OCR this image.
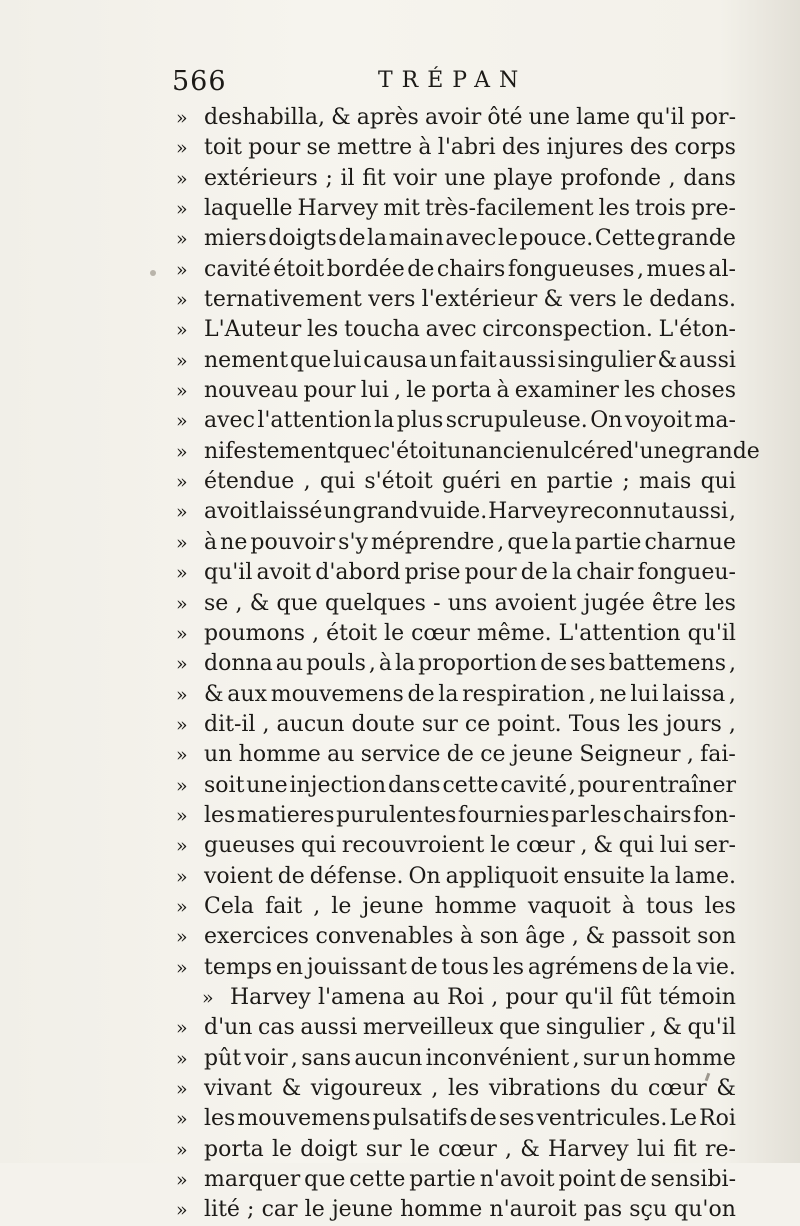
566	TRÉPAN
» deshabilla, & après avoir ôté une lame qu'il por-
» toit pour se mettre à l'abri des injures des corps
» extérieurs ; il fit voir une playe profonde , dans
» laquelle Harvey mit très-facilement les trois pre-
» miers doigts de la main avec le pouce. Cette grande
» cavité étoit bordée de chairs fongueuses , mues al-
» ternativement vers l'extérieur & vers le dedans.
» L'Auteur les toucha avec circonspection. L'éton-
» nement que lui causa un fait aussi singulier & aussi
» nouveau pour lui , le porta à examiner les choses
» avec l'attention la plus scrupuleuse. On voyoit ma-
» nifestement que c'étoit un ancien ulcére d'une grande
» étendue , qui s'étoit guéri en partie ; mais qui
» avoit laissé un grand vuide. Harvey reconnut aussi ,
» à ne pouvoir s'y méprendre , que la partie charnue
» qu'il avoit d'abord prise pour de la chair fongueu-
» se , & que quelques - uns avoient jugée être les
» poumons , étoit le cœur même. L'attention qu'il
» donna au pouls , à la proportion de ses battemens ,
» & aux mouvemens de la respiration , ne lui laissa ,
» dit-il , aucun doute sur ce point. Tous les jours ,
» un homme au service de ce jeune Seigneur , fai-
» soit une injection dans cette cavité , pour entraîner
» les matieres purulentes fournies par les chairs fon-
» gueuses qui recouvroient le cœur , & qui lui ser-
» voient de défense. On appliquoit ensuite la lame.
» Cela fait , le jeune homme vaquoit à tous les
» exercices convenables à son âge , & passoit son
» temps en jouissant de tous les agrémens de la vie.
» Harvey l'amena au Roi , pour qu'il fût témoin
» d'un cas aussi merveilleux que singulier , & qu'il
» pût voir , sans aucun inconvénient , sur un homme
» vivant & vigoureux , les vibrations du cœur &
» les mouvemens pulsatifs de ses ventricules. Le Roi
» porta le doigt sur le cœur , & Harvey lui fit re-
» marquer que cette partie n'avoit point de sensibi-
» lité ; car le jeune homme n'auroit pas sçu qu'on
